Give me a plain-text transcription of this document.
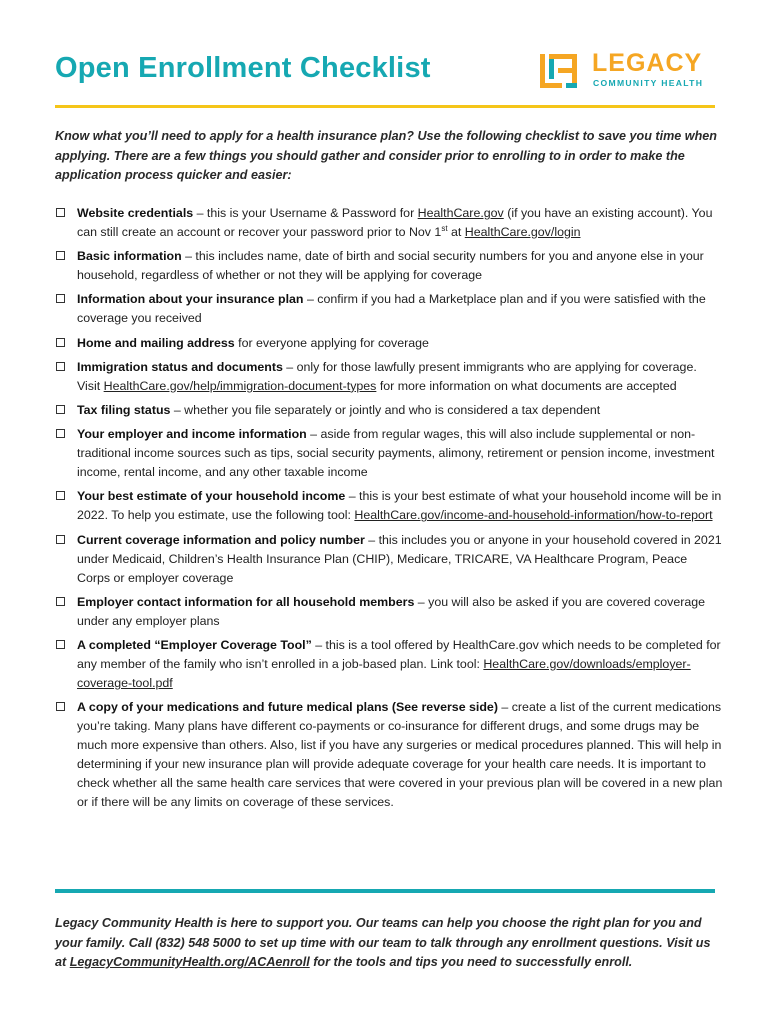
Open Enrollment Checklist	LEGACY
COMMUNITY HEALTH

Know what you’ll need to apply for a health insurance plan? Use the following checklist to save you time when applying. There are a few things you should gather and consider prior to enrolling to in order to make the application process quicker and easier:

Website credentials – this is your Username & Password for HealthCare.gov (if you have an existing account). You can still create an account or recover your password prior to Nov 1st at HealthCare.gov/login
Basic information – this includes name, date of birth and social security numbers for you and anyone else in your household, regardless of whether or not they will be applying for coverage
Information about your insurance plan – confirm if you had a Marketplace plan and if you were satisfied with the coverage you received
Home and mailing address for everyone applying for coverage
Immigration status and documents – only for those lawfully present immigrants who are applying for coverage. Visit HealthCare.gov/help/immigration-document-types for more information on what documents are accepted
Tax filing status – whether you file separately or jointly and who is considered a tax dependent
Your employer and income information – aside from regular wages, this will also include supplemental or non-traditional income sources such as tips, social security payments, alimony, retirement or pension income, investment income, rental income, and any other taxable income
Your best estimate of your household income – this is your best estimate of what your household income will be in 2022. To help you estimate, use the following tool: HealthCare.gov/income-and-household-information/how-to-report
Current coverage information and policy number – this includes you or anyone in your household covered in 2021 under Medicaid, Children’s Health Insurance Plan (CHIP), Medicare, TRICARE, VA Healthcare Program, Peace Corps or employer coverage
Employer contact information for all household members – you will also be asked if you are covered coverage under any employer plans
A completed “Employer Coverage Tool” – this is a tool offered by HealthCare.gov which needs to be completed for any member of the family who isn’t enrolled in a job-based plan. Link tool: HealthCare.gov/downloads/employer-coverage-tool.pdf
A copy of your medications and future medical plans (See reverse side) – create a list of the current medications you’re taking. Many plans have different co-payments or co-insurance for different drugs, and some drugs may be much more expensive than others. Also, list if you have any surgeries or medical procedures planned. This will help in determining if your new insurance plan will provide adequate coverage for your health care needs. It is important to check whether all the same health care services that were covered in your previous plan will be covered in a new plan or if there will be any limits on coverage of these services.

Legacy Community Health is here to support you. Our teams can help you choose the right plan for you and your family. Call (832) 548 5000 to set up time with our team to talk through any enrollment questions. Visit us at LegacyCommunityHealth.org/ACAenroll for the tools and tips you need to successfully enroll.
